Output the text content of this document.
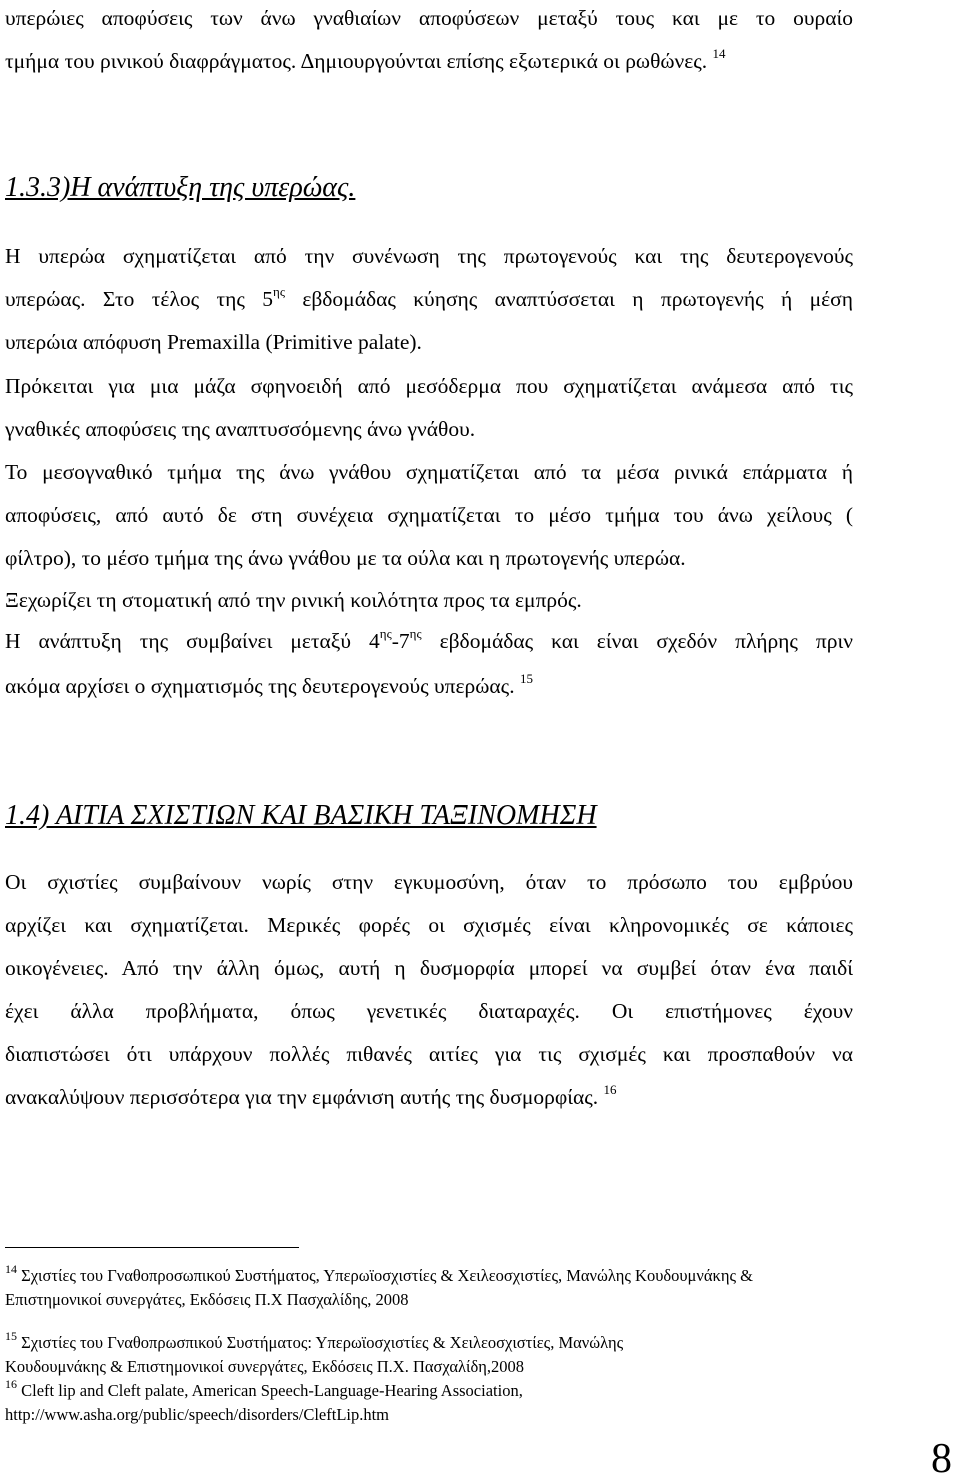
υπερώιες αποφύσεις των άνω γναθιαίων αποφύσεων μεταξύ τους και με το ουραίο
τμήμα του ρινικού διαφράγματος. Δημιουργούνται επίσης εξωτερικά οι ρωθώνες. $^{14}$
1.3.3)Η ανάπτυξη της υπερώας.
Η υπερώα σχηματίζεται από την συνένωση της πρωτογενούς και της δευτερογενούς
υπερώας. Στο τέλος της $5^{\eta\varsigma}$ εβδομάδας κύησης αναπτύσσεται η πρωτογενής ή μέση
υπερώια απόφυση Premaxilla (Primitive palate).
Πρόκειται για μια μάζα σφηνοειδή από μεσόδερμα που σχηματίζεται ανάμεσα από τις
γναθικές αποφύσεις της αναπτυσσόμενης άνω γνάθου.
Το μεσογναθικό τμήμα της άνω γνάθου σχηματίζεται από τα μέσα ρινικά επάρματα ή
αποφύσεις, από αυτό δε στη συνέχεια σχηματίζεται το μέσο τμήμα του άνω χείλους (
φίλτρο), το μέσο τμήμα της άνω γνάθου με τα ούλα και η πρωτογενής υπερώα.
Ξεχωρίζει τη στοματική από την ρινική κοιλότητα προς τα εμπρός.
Η ανάπτυξη της συμβαίνει μεταξύ $4^{\eta\varsigma}-7^{\eta\varsigma}$ εβδομάδας και είναι σχεδόν πλήρης πριν
ακόμα αρχίσει ο σχηματισμός της δευτερογενούς υπερώας. $^{15}$
1.4) ΑΙΤΙΑ ΣΧΙΣΤΙΩΝ ΚΑΙ ΒΑΣΙΚΗ ΤΑΞΙΝΟΜΗΣΗ
Οι σχιστίες συμβαίνουν νωρίς στην εγκυμοσύνη, όταν το πρόσωπο του εμβρύου
αρχίζει και σχηματίζεται. Μερικές φορές οι σχισμές είναι κληρονομικές σε κάποιες
οικογένειες. Από την άλλη όμως, αυτή η δυσμορφία μπορεί να συμβεί όταν ένα παιδί
έχει άλλα προβλήματα, όπως γενετικές διαταραχές. Οι επιστήμονες έχουν
διαπιστώσει ότι υπάρχουν πολλές πιθανές αιτίες για τις σχισμές και προσπαθούν να
ανακαλύψουν περισσότερα για την εμφάνιση αυτής της δυσμορφίας. $^{16}$
$^{14}$ Σχιστίες του Γναθοπροσωπικού Συστήματος, Υπερωϊοσχιστίες & Χειλεοσχιστίες, Μανώλης Κουδουμνάκης &
Επιστημονικοί συνεργάτες, Εκδόσεις Π.Χ Πασχαλίδης, 2008
$^{15}$ Σχιστίες του Γναθοπρωσπικού Συστήματος: Υπερωϊοσχιστίες & Χειλεοσχιστίες, Μανώλης
Κουδουμνάκης & Επιστημονικοί συνεργάτες, Εκδόσεις Π.Χ. Πασχαλίδη,2008
$^{16}$ Cleft lip and Cleft palate, American Speech-Language-Hearing Association,
http://www.asha.org/public/speech/disorders/CleftLip.htm
8
